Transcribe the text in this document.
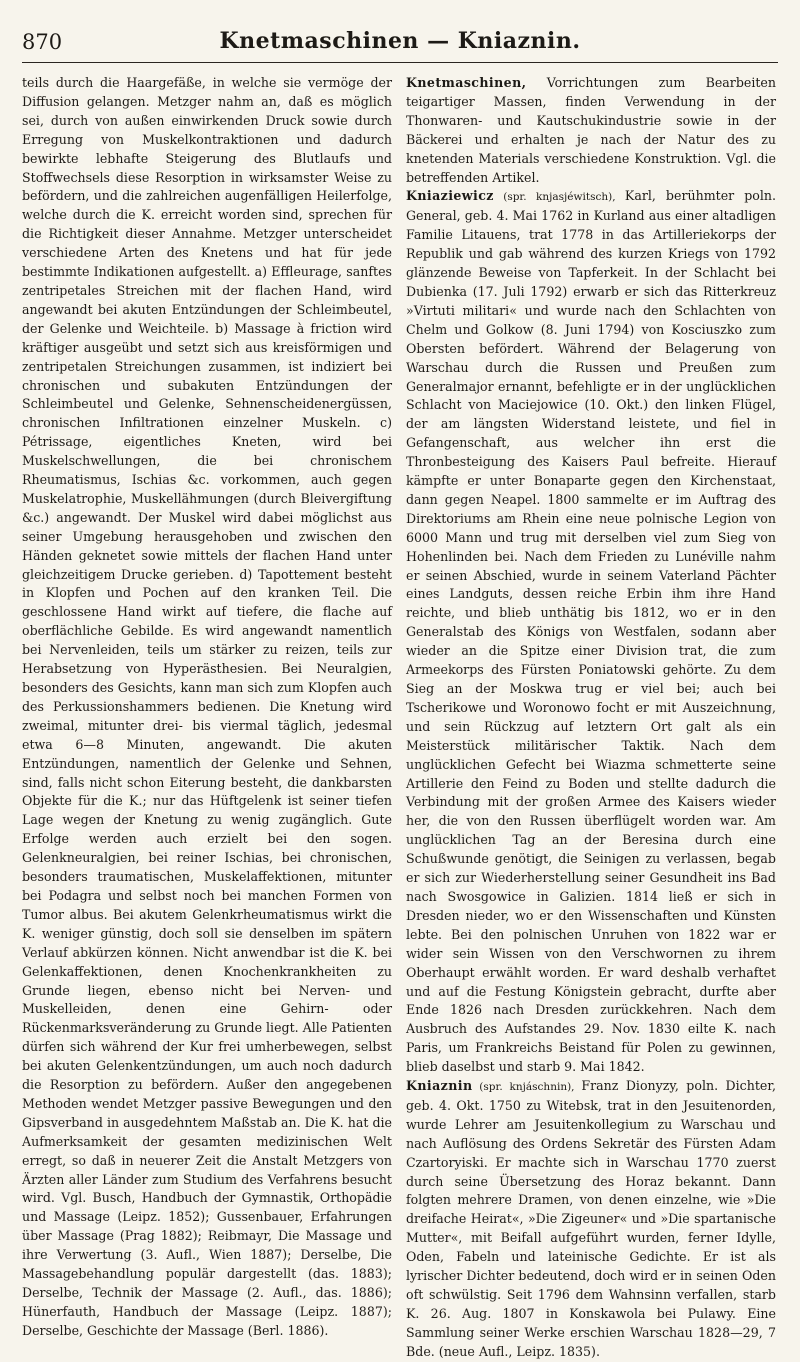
870	Knetmaschinen — Kniaznin.

teils durch die Haargefäße, in welche sie vermöge der Diffusion gelangen. Metzger nahm an, daß es möglich sei, durch von außen einwirkenden Druck sowie durch Erregung von Muskelkontraktionen und dadurch bewirkte lebhafte Steigerung des Blutlaufs und Stoffwechsels diese Resorption in wirksamster Weise zu befördern, und die zahlreichen augenfälligen Heilerfolge, welche durch die K. erreicht worden sind, sprechen für die Richtigkeit dieser Annahme. Metzger unterscheidet verschiedene Arten des Knetens und hat für jede bestimmte Indikationen aufgestellt. a) Effleurage, sanftes zentripetales Streichen mit der flachen Hand, wird angewandt bei akuten Entzündungen der Schleimbeutel, der Gelenke und Weichteile. b) Massage à friction wird kräftiger ausgeübt und setzt sich aus kreisförmigen und zentripetalen Streichungen zusammen, ist indiziert bei chronischen und subakuten Entzündungen der Schleimbeutel und Gelenke, Sehnenscheidenergüssen, chronischen Infiltrationen einzelner Muskeln. c) Pétrissage, eigentliches Kneten, wird bei Muskelschwellungen, die bei chronischem Rheumatismus, Ischias &c. vorkommen, auch gegen Muskelatrophie, Muskellähmungen (durch Bleivergiftung &c.) angewandt. Der Muskel wird dabei möglichst aus seiner Umgebung herausgehoben und zwischen den Händen geknetet sowie mittels der flachen Hand unter gleichzeitigem Drucke gerieben. d) Tapottement besteht in Klopfen und Pochen auf den kranken Teil. Die geschlossene Hand wirkt auf tiefere, die flache auf oberflächliche Gebilde. Es wird angewandt namentlich bei Nervenleiden, teils um stärker zu reizen, teils zur Herabsetzung von Hyperästhesien. Bei Neuralgien, besonders des Gesichts, kann man sich zum Klopfen auch des Perkussionshammers bedienen. Die Knetung wird zweimal, mitunter drei- bis viermal täglich, jedesmal etwa 6—8 Minuten, angewandt. Die akuten Entzündungen, namentlich der Gelenke und Sehnen, sind, falls nicht schon Eiterung besteht, die dankbarsten Objekte für die K.; nur das Hüftgelenk ist seiner tiefen Lage wegen der Knetung zu wenig zugänglich. Gute Erfolge werden auch erzielt bei den sogen. Gelenkneuralgien, bei reiner Ischias, bei chronischen, besonders traumatischen, Muskelaffektionen, mitunter bei Podagra und selbst noch bei manchen Formen von Tumor albus. Bei akutem Gelenkrheumatismus wirkt die K. weniger günstig, doch soll sie denselben im spätern Verlauf abkürzen können. Nicht anwendbar ist die K. bei Gelenkaffektionen, denen Knochenkrankheiten zu Grunde liegen, ebenso nicht bei Nerven- und Muskelleiden, denen eine Gehirn- oder Rückenmarksveränderung zu Grunde liegt. Alle Patienten dürfen sich während der Kur frei umherbewegen, selbst bei akuten Gelenkentzündungen, um auch noch dadurch die Resorption zu befördern. Außer den angegebenen Methoden wendet Metzger passive Bewegungen und den Gipsverband in ausgedehntem Maßstab an. Die K. hat die Aufmerksamkeit der gesamten medizinischen Welt erregt, so daß in neuerer Zeit die Anstalt Metzgers von Ärzten aller Länder zum Studium des Verfahrens besucht wird. Vgl. Busch, Handbuch der Gymnastik, Orthopädie und Massage (Leipz. 1852); Gussenbauer, Erfahrungen über Massage (Prag 1882); Reibmayr, Die Massage und ihre Verwertung (3. Aufl., Wien 1887); Derselbe, Die Massagebehandlung populär dargestellt (das. 1883); Derselbe, Technik der Massage (2. Aufl., das. 1886); Hünerfauth, Handbuch der Massage (Leipz. 1887); Derselbe, Geschichte der Massage (Berl. 1886).

Knetmaschinen, Vorrichtungen zum Bearbeiten teigartiger Massen, finden Verwendung in der Thonwaren- und Kautschukindustrie sowie in der Bäckerei und erhalten je nach der Natur des zu knetenden Materials verschiedene Konstruktion. Vgl. die betreffenden Artikel.

Kniaziewicz (spr. knjasjéwitsch), Karl, berühmter poln. General, geb. 4. Mai 1762 in Kurland aus einer altadligen Familie Litauens, trat 1778 in das Artilleriekorps der Republik und gab während des kurzen Kriegs von 1792 glänzende Beweise von Tapferkeit. In der Schlacht bei Dubienka (17. Juli 1792) erwarb er sich das Ritterkreuz »Virtuti militari« und wurde nach den Schlachten von Chelm und Golkow (8. Juni 1794) von Kosciuszko zum Obersten befördert. Während der Belagerung von Warschau durch die Russen und Preußen zum Generalmajor ernannt, befehligte er in der unglücklichen Schlacht von Maciejowice (10. Okt.) den linken Flügel, der am längsten Widerstand leistete, und fiel in Gefangenschaft, aus welcher ihn erst die Thronbesteigung des Kaisers Paul befreite. Hierauf kämpfte er unter Bonaparte gegen den Kirchenstaat, dann gegen Neapel. 1800 sammelte er im Auftrag des Direktoriums am Rhein eine neue polnische Legion von 6000 Mann und trug mit derselben viel zum Sieg von Hohenlinden bei. Nach dem Frieden zu Lunéville nahm er seinen Abschied, wurde in seinem Vaterland Pächter eines Landguts, dessen reiche Erbin ihm ihre Hand reichte, und blieb unthätig bis 1812, wo er in den Generalstab des Königs von Westfalen, sodann aber wieder an die Spitze einer Division trat, die zum Armeekorps des Fürsten Poniatowski gehörte. Zu dem Sieg an der Moskwa trug er viel bei; auch bei Tscherikowe und Woronowo focht er mit Auszeichnung, und sein Rückzug auf letztern Ort galt als ein Meisterstück militärischer Taktik. Nach dem unglücklichen Gefecht bei Wiazma schmetterte seine Artillerie den Feind zu Boden und stellte dadurch die Verbindung mit der großen Armee des Kaisers wieder her, die von den Russen überflügelt worden war. Am unglücklichen Tag an der Beresina durch eine Schußwunde genötigt, die Seinigen zu verlassen, begab er sich zur Wiederherstellung seiner Gesundheit ins Bad nach Swosgowice in Galizien. 1814 ließ er sich in Dresden nieder, wo er den Wissenschaften und Künsten lebte. Bei den polnischen Unruhen von 1822 war er wider sein Wissen von den Verschwornen zu ihrem Oberhaupt erwählt worden. Er ward deshalb verhaftet und auf die Festung Königstein gebracht, durfte aber Ende 1826 nach Dresden zurückkehren. Nach dem Ausbruch des Aufstandes 29. Nov. 1830 eilte K. nach Paris, um Frankreichs Beistand für Polen zu gewinnen, blieb daselbst und starb 9. Mai 1842.

Kniaznin (spr. knjáschnin), Franz Dionyzy, poln. Dichter, geb. 4. Okt. 1750 zu Witebsk, trat in den Jesuitenorden, wurde Lehrer am Jesuitenkollegium zu Warschau und nach Auflösung des Ordens Sekretär des Fürsten Adam Czartoryiski. Er machte sich in Warschau 1770 zuerst durch seine Übersetzung des Horaz bekannt. Dann folgten mehrere Dramen, von denen einzelne, wie »Die dreifache Heirat«, »Die Zigeuner« und »Die spartanische Mutter«, mit Beifall aufgeführt wurden, ferner Idylle, Oden, Fabeln und lateinische Gedichte. Er ist als lyrischer Dichter bedeutend, doch wird er in seinen Oden oft schwülstig. Seit 1796 dem Wahnsinn verfallen, starb K. 26. Aug. 1807 in Konskawola bei Pulawy. Eine Sammlung seiner Werke erschien Warschau 1828—29, 7 Bde. (neue Aufl., Leipz. 1835).
